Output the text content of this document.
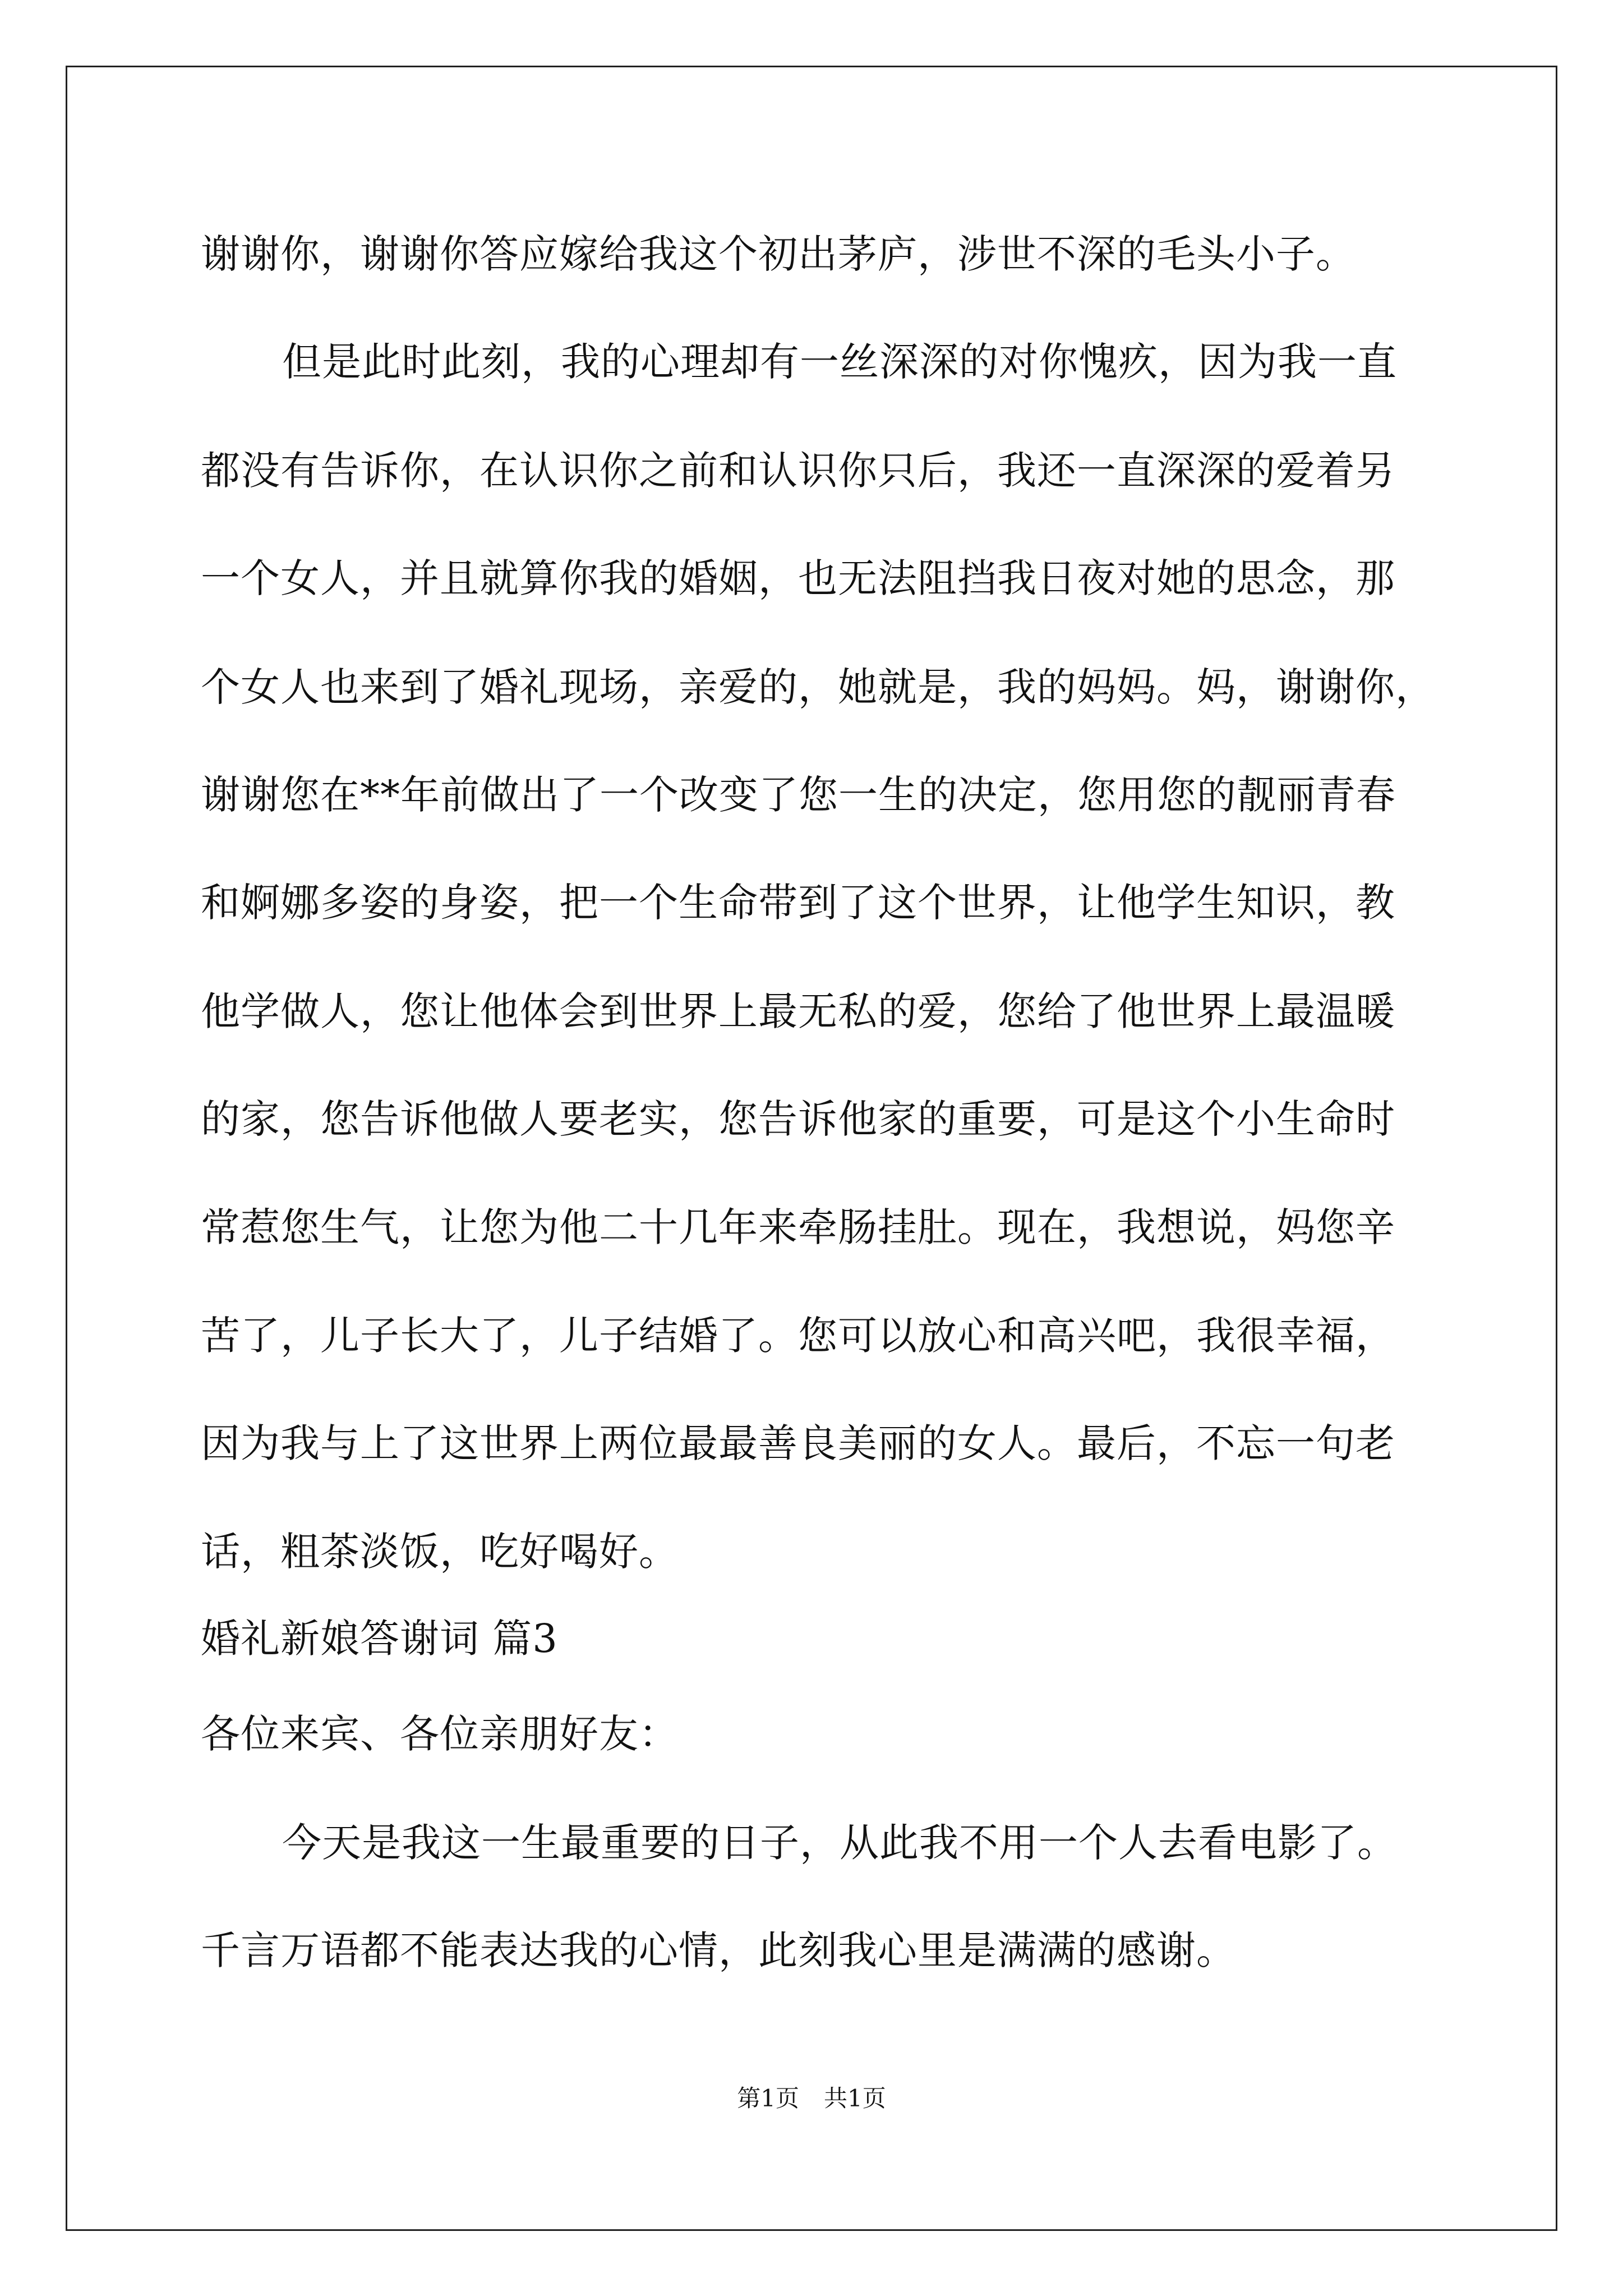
谢谢你，谢谢你答应嫁给我这个初出茅庐，涉世不深的毛头小子。
但是此时此刻，我的心理却有一丝深深的对你愧疚，因为我一直
都没有告诉你，在认识你之前和认识你只后，我还一直深深的爱着另
一个女人，并且就算你我的婚姻，也无法阻挡我日夜对她的思念，那
个女人也来到了婚礼现场，亲爱的，她就是，我的妈妈。妈，谢谢你，
谢谢您在**年前做出了一个改变了您一生的决定，您用您的靓丽青春
和婀娜多姿的身姿，把一个生命带到了这个世界，让他学生知识，教
他学做人，您让他体会到世界上最无私的爱，您给了他世界上最温暖
的家，您告诉他做人要老实，您告诉他家的重要，可是这个小生命时
常惹您生气，让您为他二十几年来牵肠挂肚。现在，我想说，妈您辛
苦了，儿子长大了，儿子结婚了。您可以放心和高兴吧，我很幸福，
因为我与上了这世界上两位最最善良美丽的女人。最后，不忘一句老
话，粗茶淡饭，吃好喝好。
婚礼新娘答谢词 篇3
各位来宾、各位亲朋好友：
今天是我这一生最重要的日子，从此我不用一个人去看电影了。
千言万语都不能表达我的心情，此刻我心里是满满的感谢。
第1页 共1页
